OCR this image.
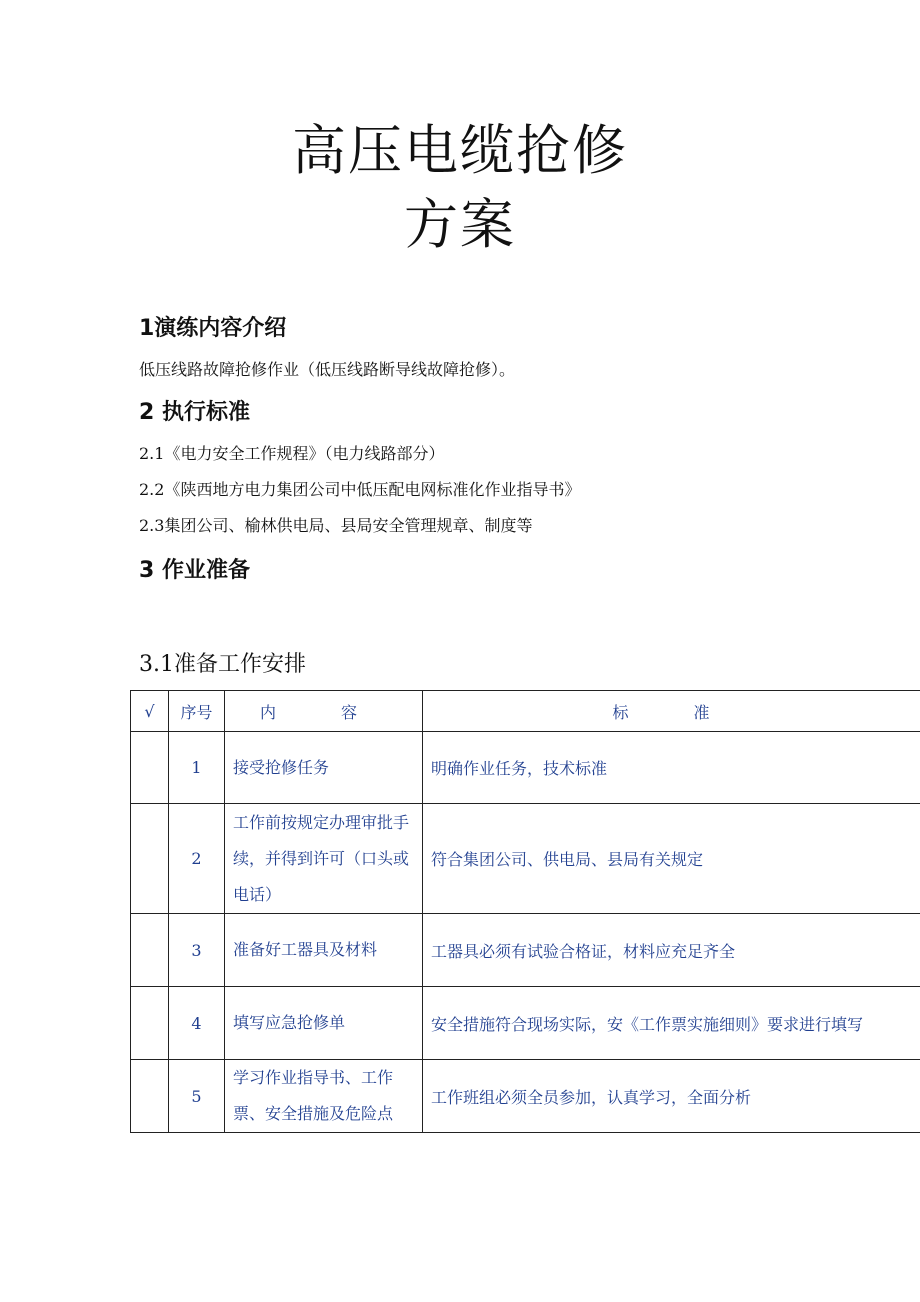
高压电缆抢修
方案
1演练内容介绍
低压线路故障抢修作业（低压线路断导线故障抢修）。
2 执行标准
2.1《电力安全工作规程》（电力线路部分）
2.2《陕西地方电力集团公司中低压配电网标准化作业指导书》
2.3集团公司、榆林供电局、县局安全管理规章、制度等
3 作业准备
3.1准备工作安排
√	序号	内 容	标 准
	1	接受抢修任务	明确作业任务，技术标准
	2	工作前按规定办理审批手续，并得到许可（口头或电话）	符合集团公司、供电局、县局有关规定
	3	准备好工器具及材料	工器具必须有试验合格证，材料应充足齐全
	4	填写应急抢修单	安全措施符合现场实际，安《工作票实施细则》要求进行填写
	5	学习作业指导书、工作票、安全措施及危险点	工作班组必须全员参加，认真学习，全面分析
